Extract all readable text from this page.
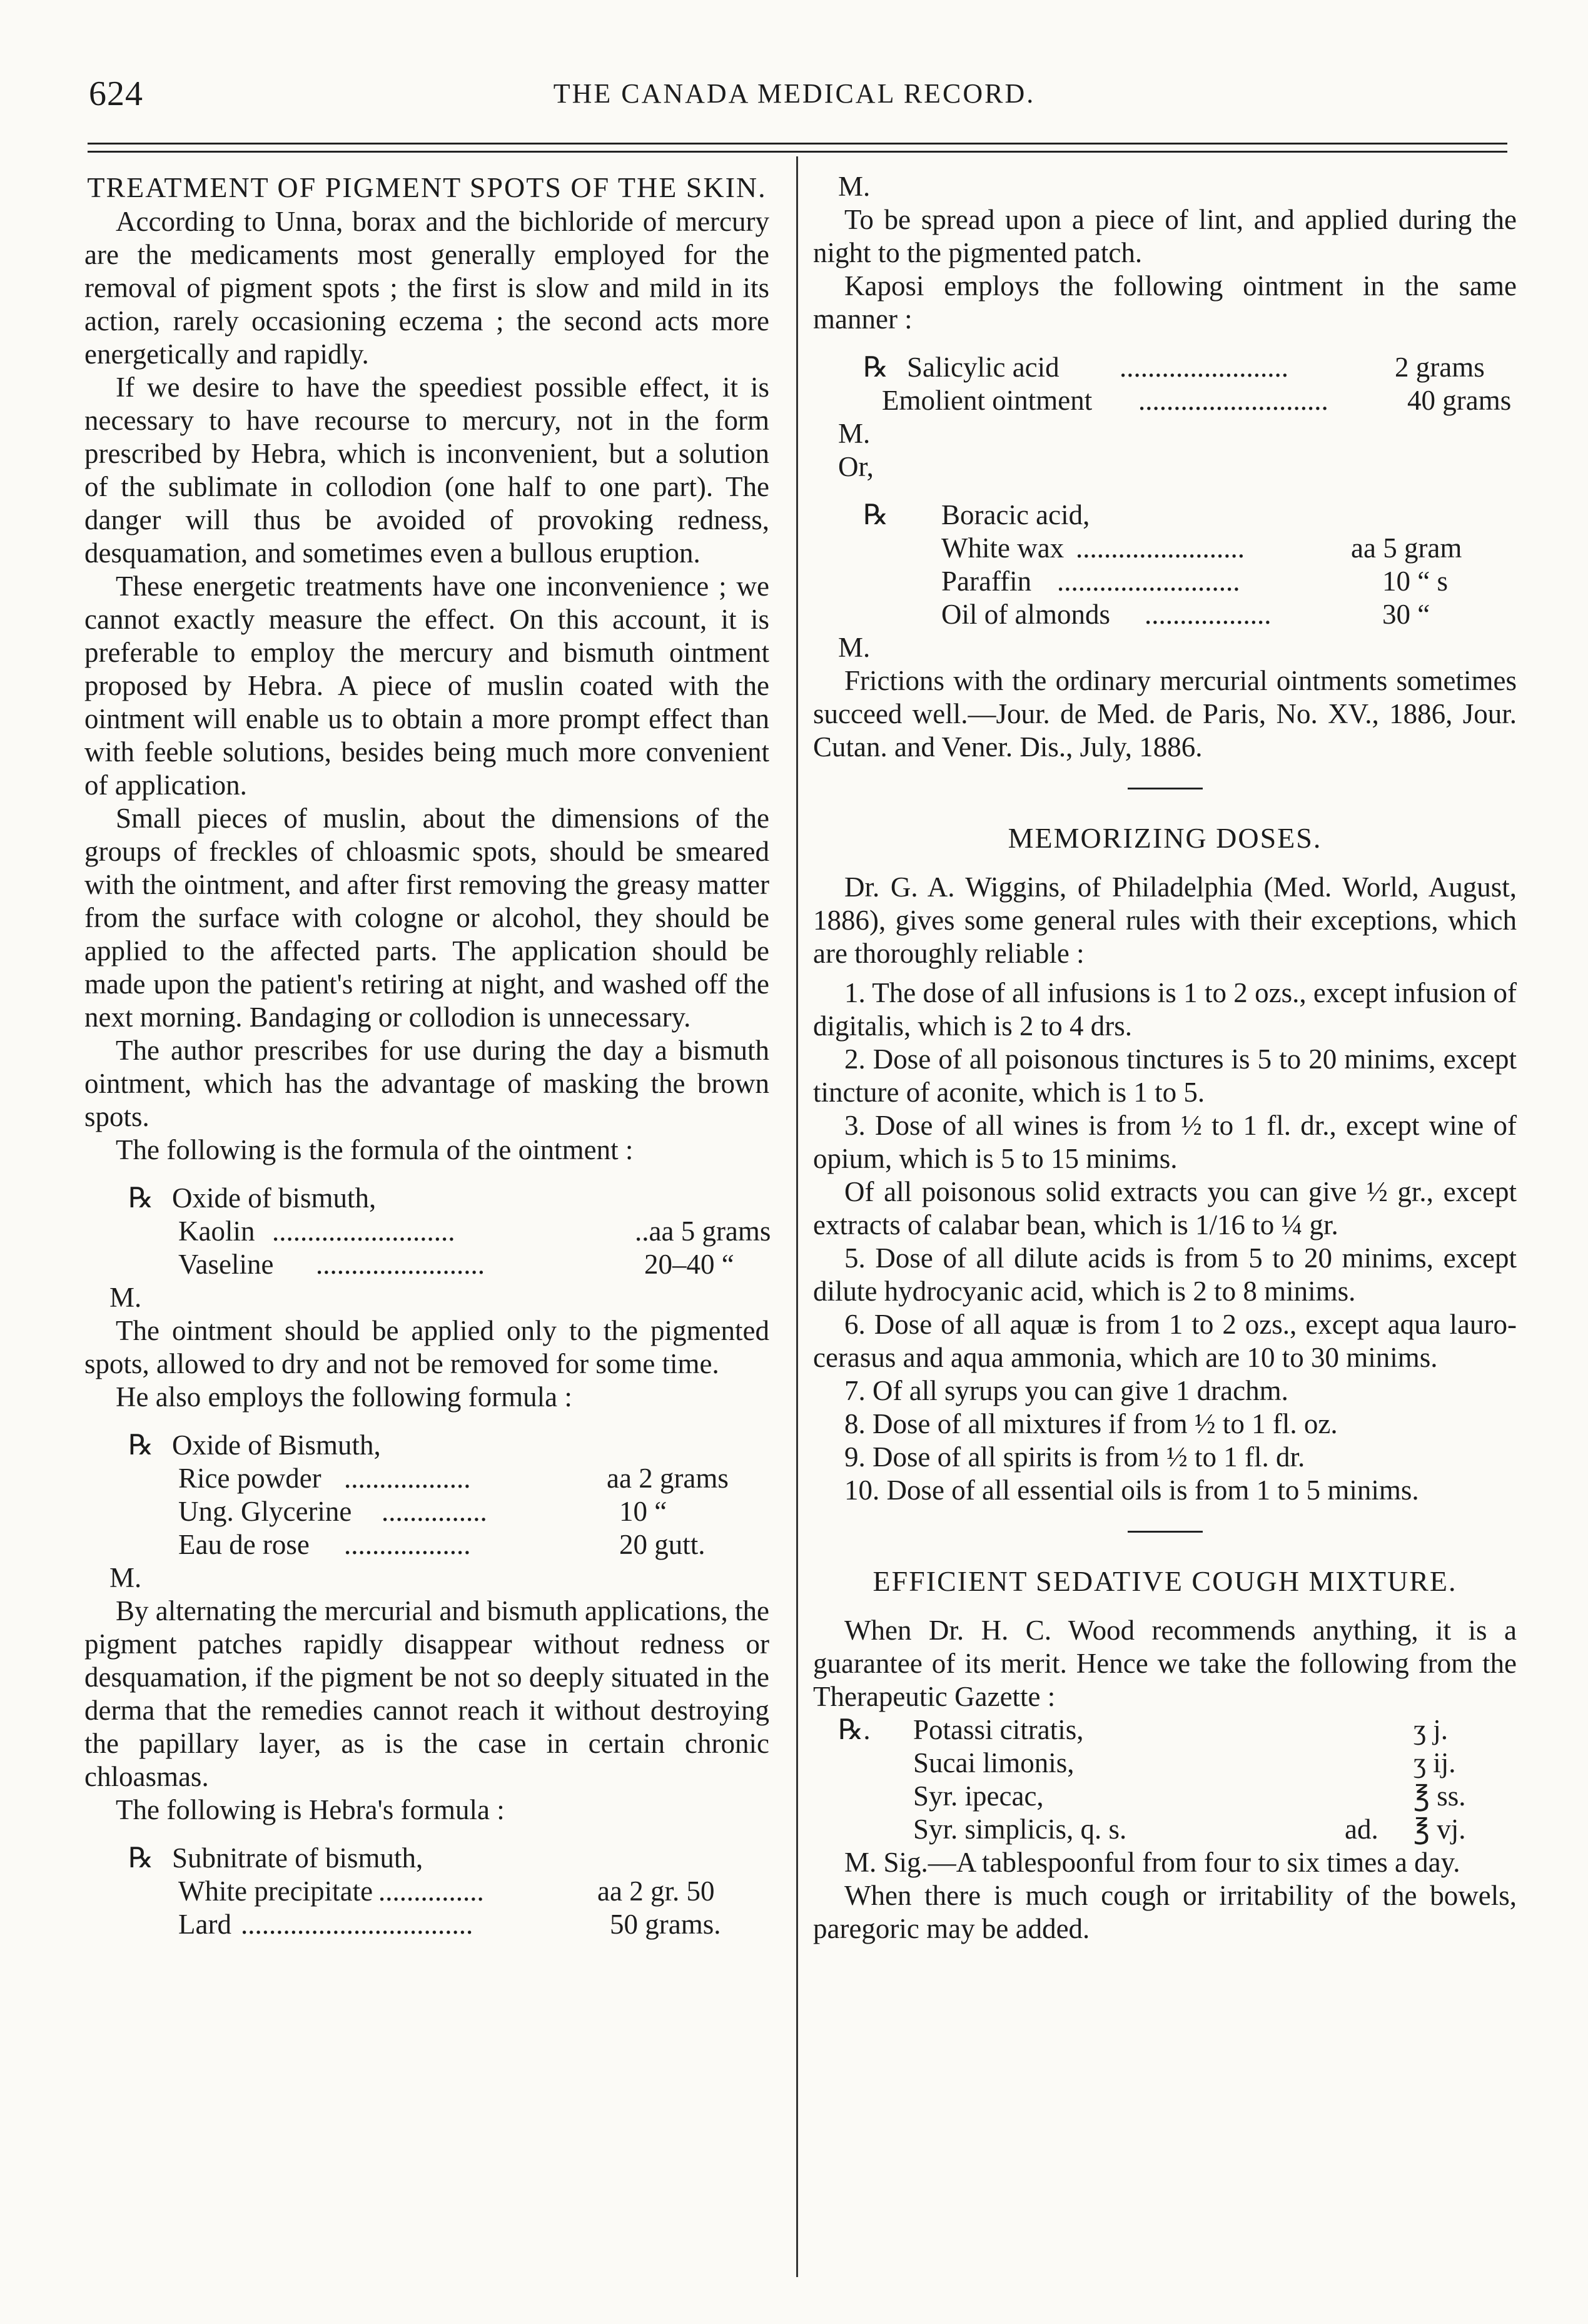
624	THE CANADA MEDICAL RECORD.
TREATMENT OF PIGMENT SPOTS OF THE SKIN.

According to Unna, borax and the bichloride of mercury are the medicaments most generally employed for the removal of pigment spots ; the first is slow and mild in its action, rarely occasioning eczema ; the second acts more energetically and rapidly.

If we desire to have the speediest possible effect, it is necessary to have recourse to mercury, not in the form prescribed by Hebra, which is inconvenient, but a solution of the sublimate in collodion (one half to one part). The danger will thus be avoided of provoking redness, desquamation, and sometimes even a bullous eruption.

These energetic treatments have one inconvenience ; we cannot exactly measure the effect. On this account, it is preferable to employ the mercury and bismuth ointment proposed by Hebra. A piece of muslin coated with the ointment will enable us to obtain a more prompt effect than with feeble solutions, besides being much more convenient of application.

Small pieces of muslin, about the dimensions of the groups of freckles of chloasmic spots, should be smeared with the ointment, and after first removing the greasy matter from the surface with cologne or alcohol, they should be applied to the affected parts. The application should be made upon the patient's retiring at night, and washed off the next morning. Bandaging or collodion is unnecessary.

The author prescribes for use during the day a bismuth ointment, which has the advantage of masking the brown spots.

The following is the formula of the ointment :

℞ Oxide of bismuth,
Kaolin ..........................	..aa 5 grams
Vaseline ........................	20–40 “

M.

The ointment should be applied only to the pigmented spots, allowed to dry and not be removed for some time.

He also employs the following formula :

℞ Oxide of Bismuth,
Rice powder ..................	aa 2 grams
Ung. Glycerine ...............	10 “
Eau de rose ..................	20 gutt.

M.

By alternating the mercurial and bismuth applications, the pigment patches rapidly disappear without redness or desquamation, if the pigment be not so deeply situated in the derma that the remedies cannot reach it without destroying the papillary layer, as is the case in certain chronic chloasmas.

The following is Hebra's formula :

℞ Subnitrate of bismuth,
White precipitate ...............	aa 2 gr. 50
Lard .................................	50 grams.

M.

To be spread upon a piece of lint, and applied during the night to the pigmented patch.

Kaposi employs the following ointment in the same manner :

℞ Salicylic acid ........................	2 grams
Emolient ointment ...........................	40 grams

M.

Or,

℞ Boracic acid,
White wax ........................	aa 5 gram
Paraffin ..........................	10 “ s
Oil of almonds ..................	30 “

M.

Frictions with the ordinary mercurial ointments sometimes succeed well.—Jour. de Med. de Paris, No. XV., 1886, Jour. Cutan. and Vener. Dis., July, 1886.

MEMORIZING DOSES.

Dr. G. A. Wiggins, of Philadelphia (Med. World, August, 1886), gives some general rules with their exceptions, which are thoroughly reliable :

1. The dose of all infusions is 1 to 2 ozs., except infusion of digitalis, which is 2 to 4 drs.

2. Dose of all poisonous tinctures is 5 to 20 minims, except tincture of aconite, which is 1 to 5.

3. Dose of all wines is from ½ to 1 fl. dr., except wine of opium, which is 5 to 15 minims.

Of all poisonous solid extracts you can give ½ gr., except extracts of calabar bean, which is 1/16 to ¼ gr.

5. Dose of all dilute acids is from 5 to 20 minims, except dilute hydrocyanic acid, which is 2 to 8 minims.

6. Dose of all aquæ is from 1 to 2 ozs., except aqua lauro-cerasus and aqua ammonia, which are 10 to 30 minims.

7. Of all syrups you can give 1 drachm.

8. Dose of all mixtures if from ½ to 1 fl. oz.

9. Dose of all spirits is from ½ to 1 fl. dr.

10. Dose of all essential oils is from 1 to 5 minims.

EFFICIENT SEDATIVE COUGH MIXTURE.

When Dr. H. C. Wood recommends anything, it is a guarantee of its merit. Hence we take the following from the Therapeutic Gazette :

℞. Potassi citratis,	ʒ j.
Sucai limonis,	ʒ ij.
Syr. ipecac,	℥ ss.
Syr. simplicis, q. s.	ad. ℥ vj.

M. Sig.—A tablespoonful from four to six times a day.

When there is much cough or irritability of the bowels, paregoric may be added.
